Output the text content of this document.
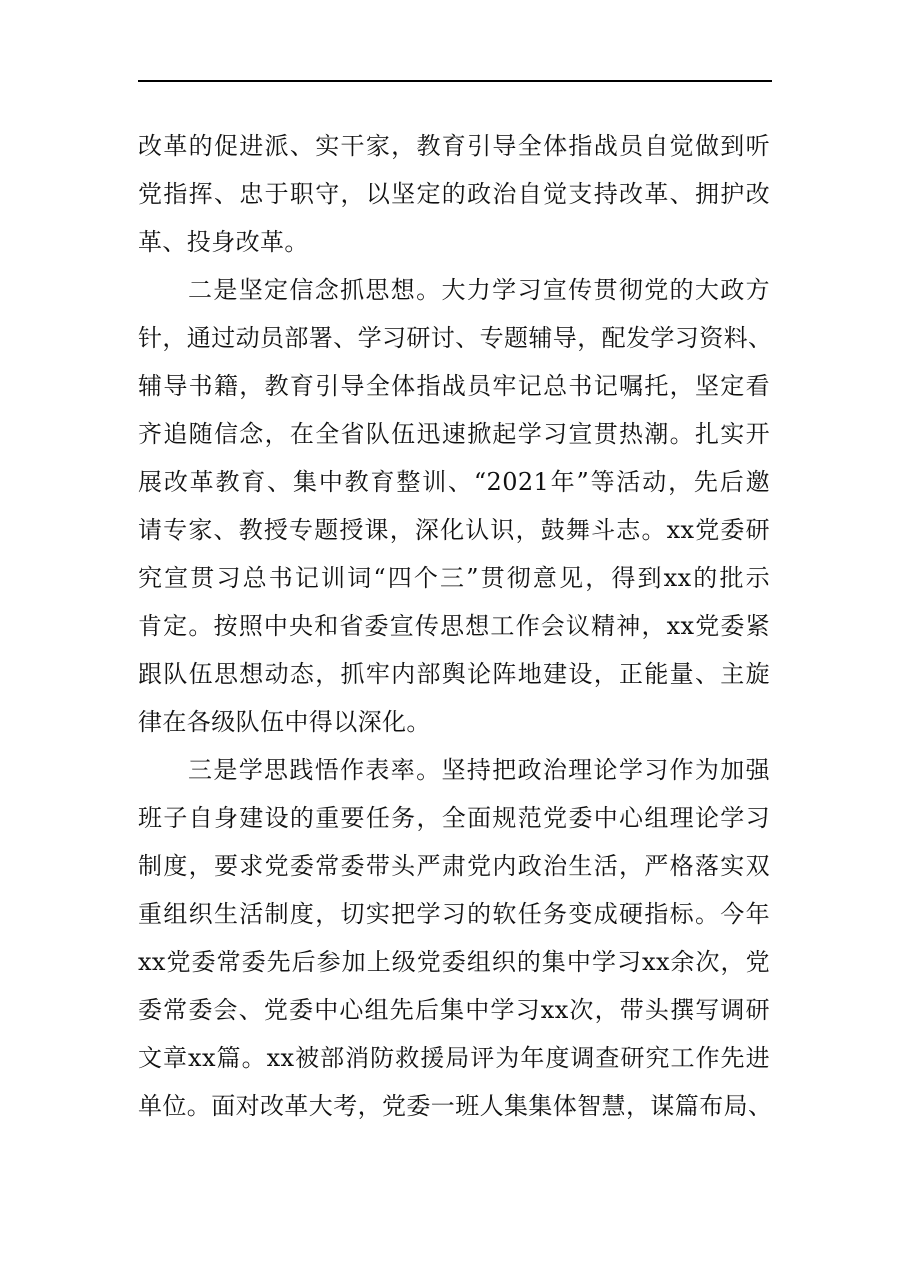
改革的促进派、实干家，教育引导全体指战员自觉做到听
党指挥、忠于职守，以坚定的政治自觉支持改革、拥护改
革、投身改革。
二是坚定信念抓思想。大力学习宣传贯彻党的大政方
针，通过动员部署、学习研讨、专题辅导，配发学习资料、
辅导书籍，教育引导全体指战员牢记总书记嘱托，坚定看
齐追随信念，在全省队伍迅速掀起学习宣贯热潮。扎实开
展改革教育、集中教育整训、“2021年”等活动，先后邀
请专家、教授专题授课，深化认识，鼓舞斗志。xx党委研
究宣贯习总书记训词“四个三”贯彻意见，得到xx的批示
肯定。按照中央和省委宣传思想工作会议精神，xx党委紧
跟队伍思想动态，抓牢内部舆论阵地建设，正能量、主旋
律在各级队伍中得以深化。
三是学思践悟作表率。坚持把政治理论学习作为加强
班子自身建设的重要任务，全面规范党委中心组理论学习
制度，要求党委常委带头严肃党内政治生活，严格落实双
重组织生活制度，切实把学习的软任务变成硬指标。今年
xx党委常委先后参加上级党委组织的集中学习xx余次，党
委常委会、党委中心组先后集中学习xx次，带头撰写调研
文章xx篇。xx被部消防救援局评为年度调查研究工作先进
单位。面对改革大考，党委一班人集集体智慧，谋篇布局、
